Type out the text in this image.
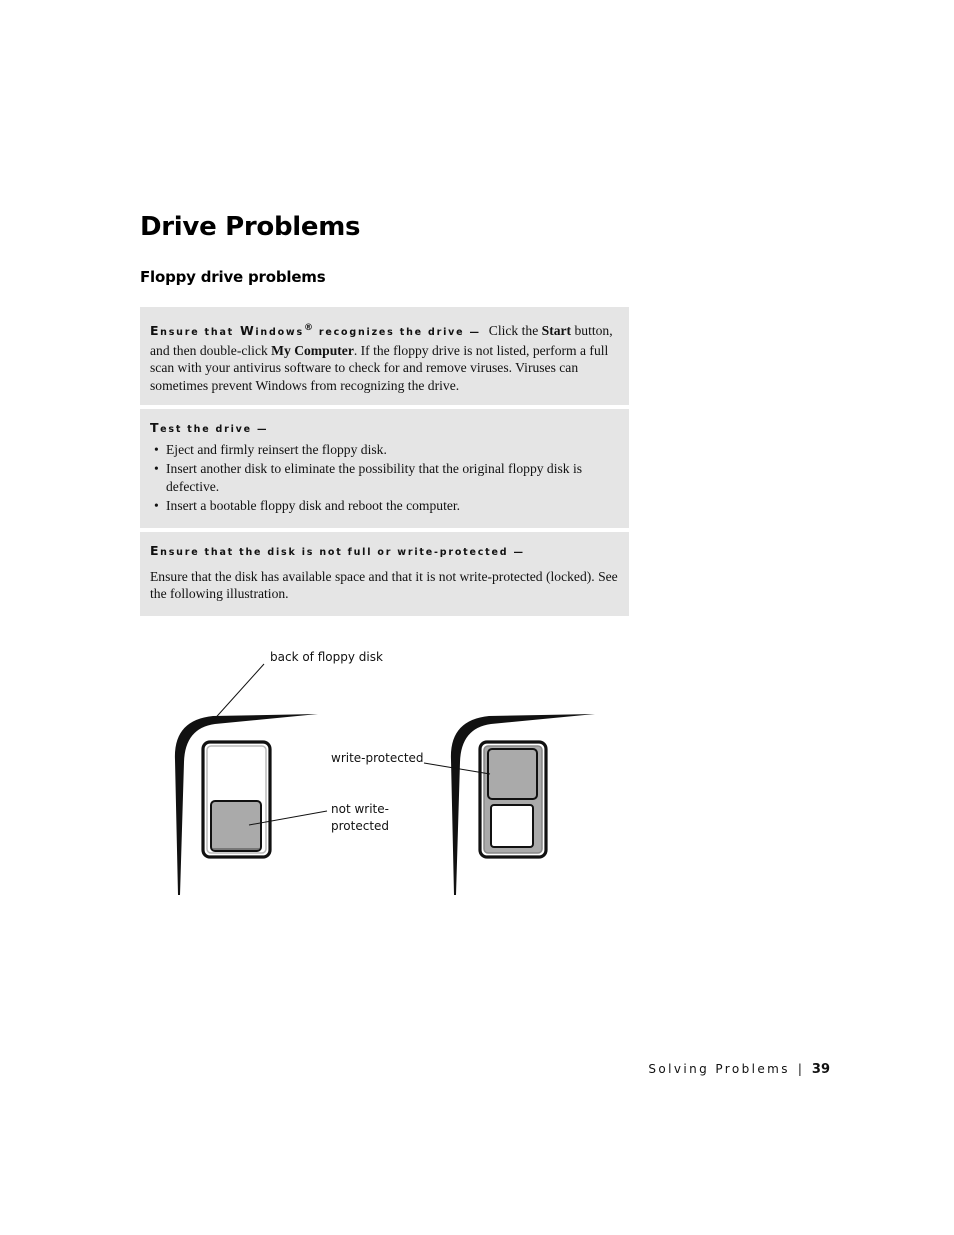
Drive Problems
Floppy drive problems
Ensure that Windows® recognizes the drive — Click the Start button, and then double-click My Computer. If the floppy drive is not listed, perform a full scan with your antivirus software to check for and remove viruses. Viruses can sometimes prevent Windows from recognizing the drive.
Test the drive —
• Eject and firmly reinsert the floppy disk.
• Insert another disk to eliminate the possibility that the original floppy disk is defective.
• Insert a bootable floppy disk and reboot the computer.
Ensure that the disk is not full or write-protected —
Ensure that the disk has available space and that it is not write-protected (locked). See the following illustration.
back of floppy disk
write-protected
not write-
protected
Solving Problems | 39
